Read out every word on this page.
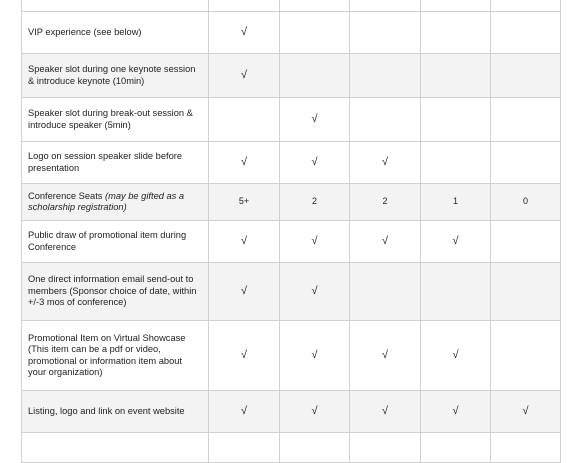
VIP experience (see below)	√				
Speaker slot during one keynote session & introduce keynote (10min)	√				
Speaker slot during break-out session & introduce speaker (5min)		√			
Logo on session speaker slide before presentation	√	√	√		
Conference Seats (may be gifted as a scholarship registration)	5+	2	2	1	0
Public draw of promotional item during Conference	√	√	√	√	
One direct information email send-out to members (Sponsor choice of date, within +/-3 mos of conference)	√	√			
Promotional Item on Virtual Showcase (This item can be a pdf or video, promotional or information item about your organization)	√	√	√	√	
Listing, logo and link on event website	√	√	√	√	√
